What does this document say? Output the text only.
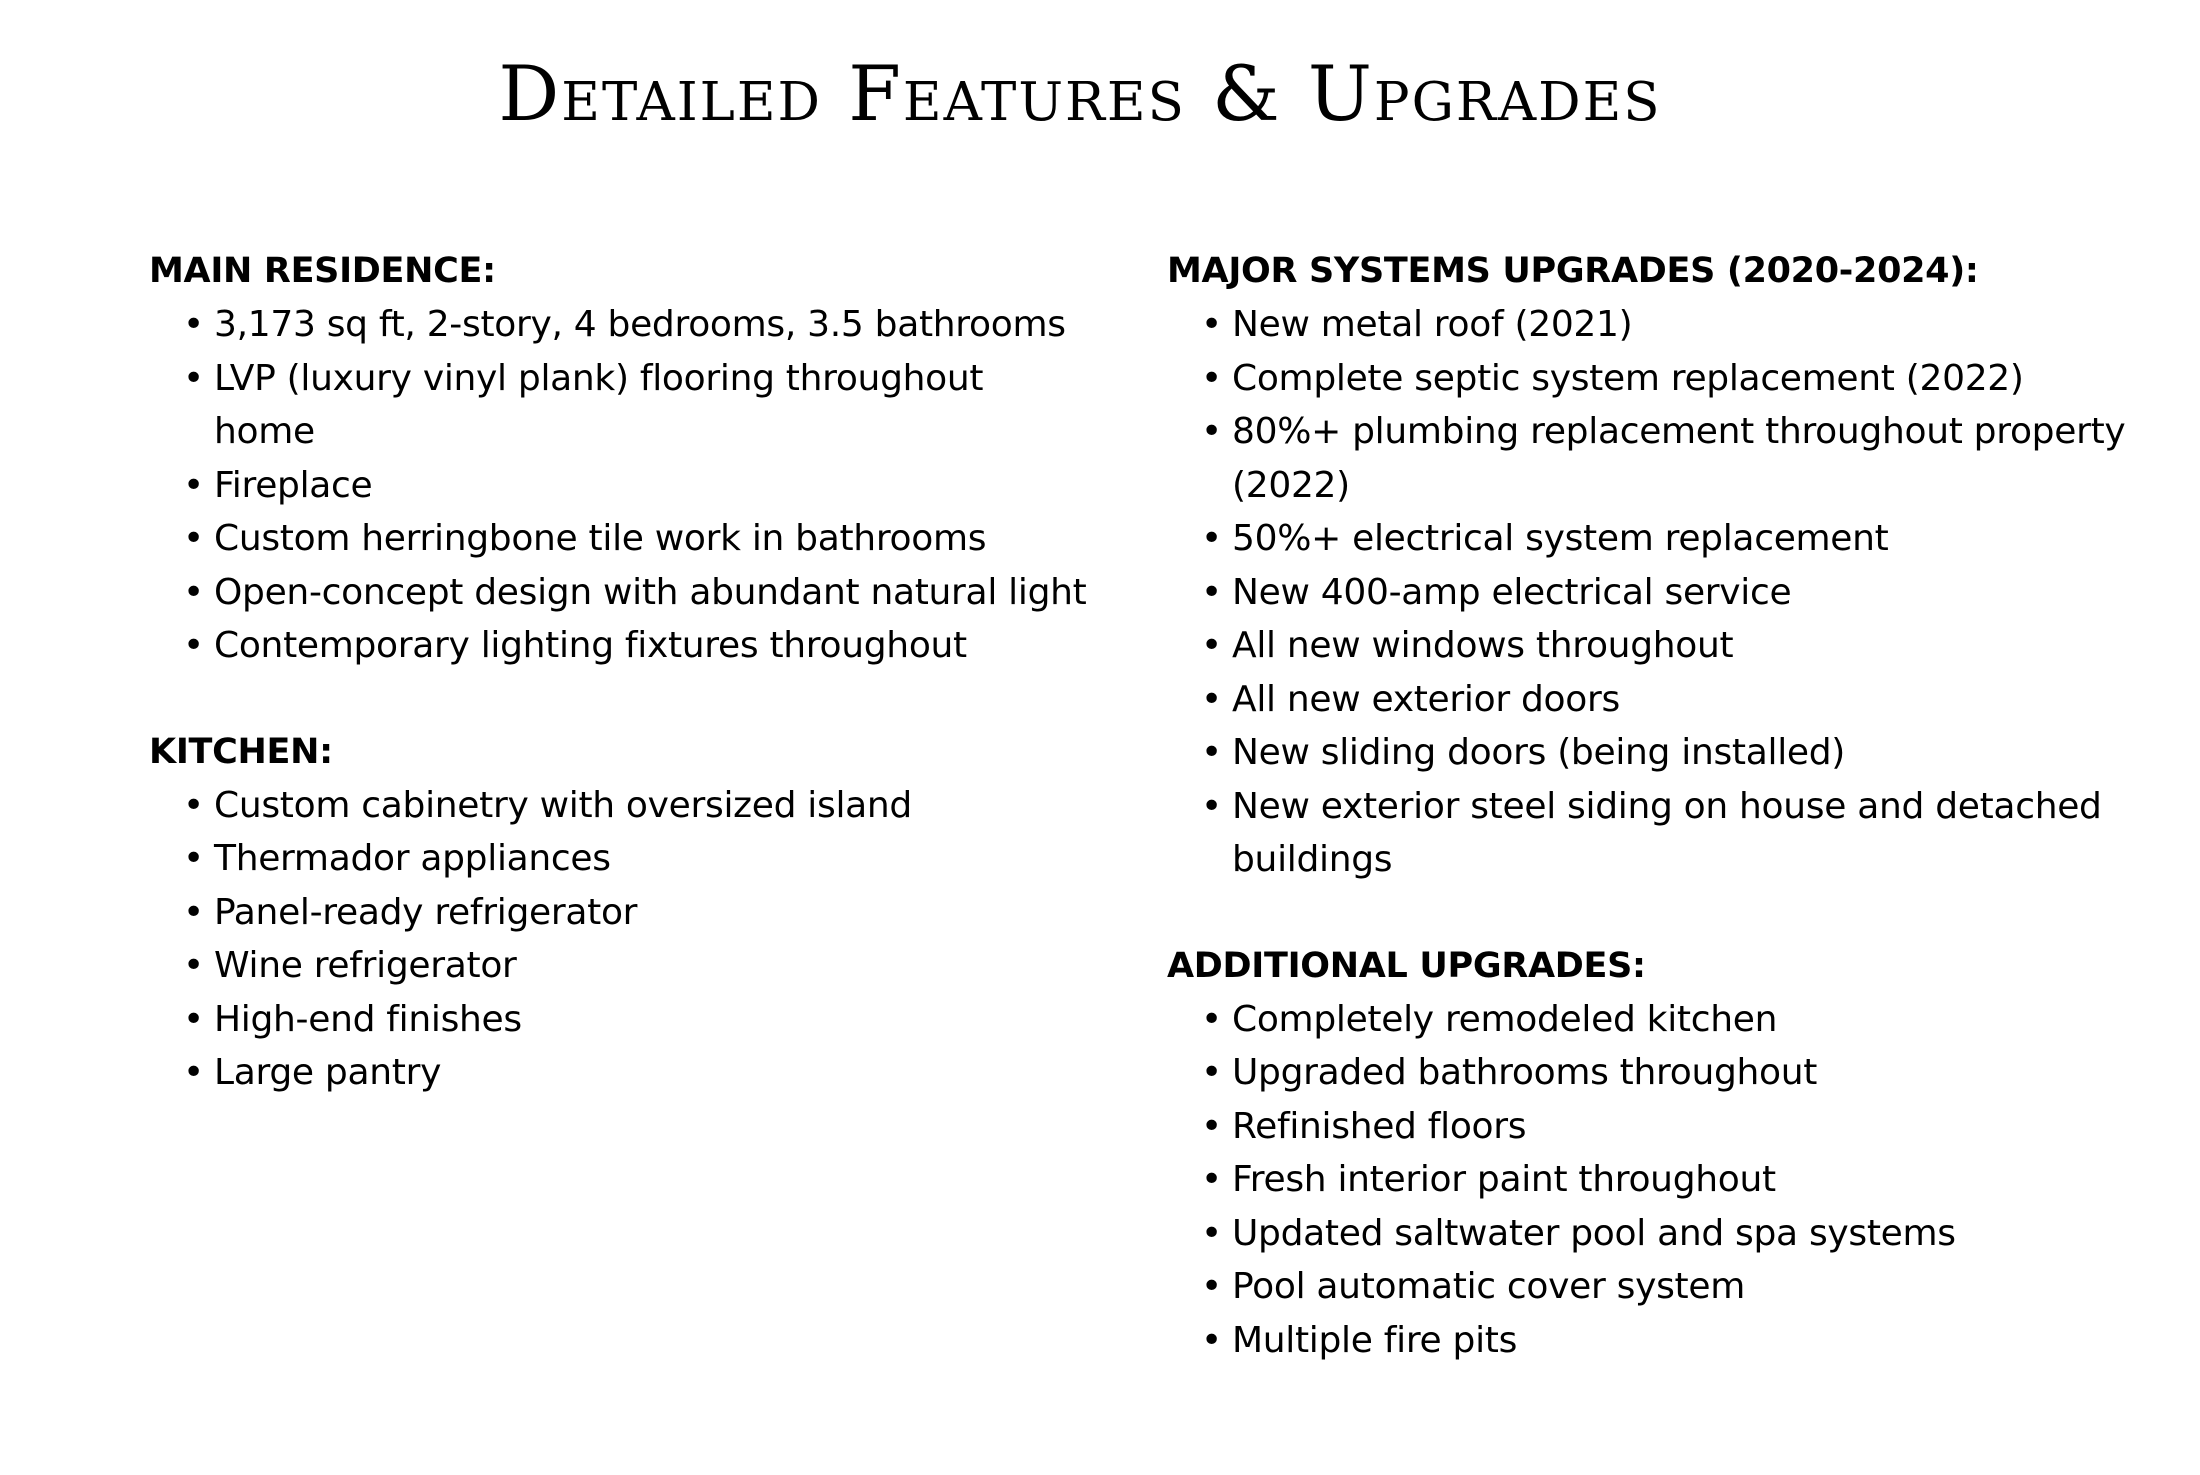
Detailed Features & Upgrades
MAIN RESIDENCE:
• 3,173 sq ft, 2-story, 4 bedrooms, 3.5 bathrooms
• LVP (luxury vinyl plank) flooring throughout home
• Fireplace
• Custom herringbone tile work in bathrooms
• Open-concept design with abundant natural light
• Contemporary lighting fixtures throughout
KITCHEN:
• Custom cabinetry with oversized island
• Thermador appliances
• Panel-ready refrigerator
• Wine refrigerator
• High-end finishes
• Large pantry
MAJOR SYSTEMS UPGRADES (2020-2024):
• New metal roof (2021)
• Complete septic system replacement (2022)
• 80%+ plumbing replacement throughout property (2022)
• 50%+ electrical system replacement
• New 400-amp electrical service
• All new windows throughout
• All new exterior doors
• New sliding doors (being installed)
• New exterior steel siding on house and detached buildings
ADDITIONAL UPGRADES:
• Completely remodeled kitchen
• Upgraded bathrooms throughout
• Refinished floors
• Fresh interior paint throughout
• Updated saltwater pool and spa systems
• Pool automatic cover system
• Multiple fire pits
